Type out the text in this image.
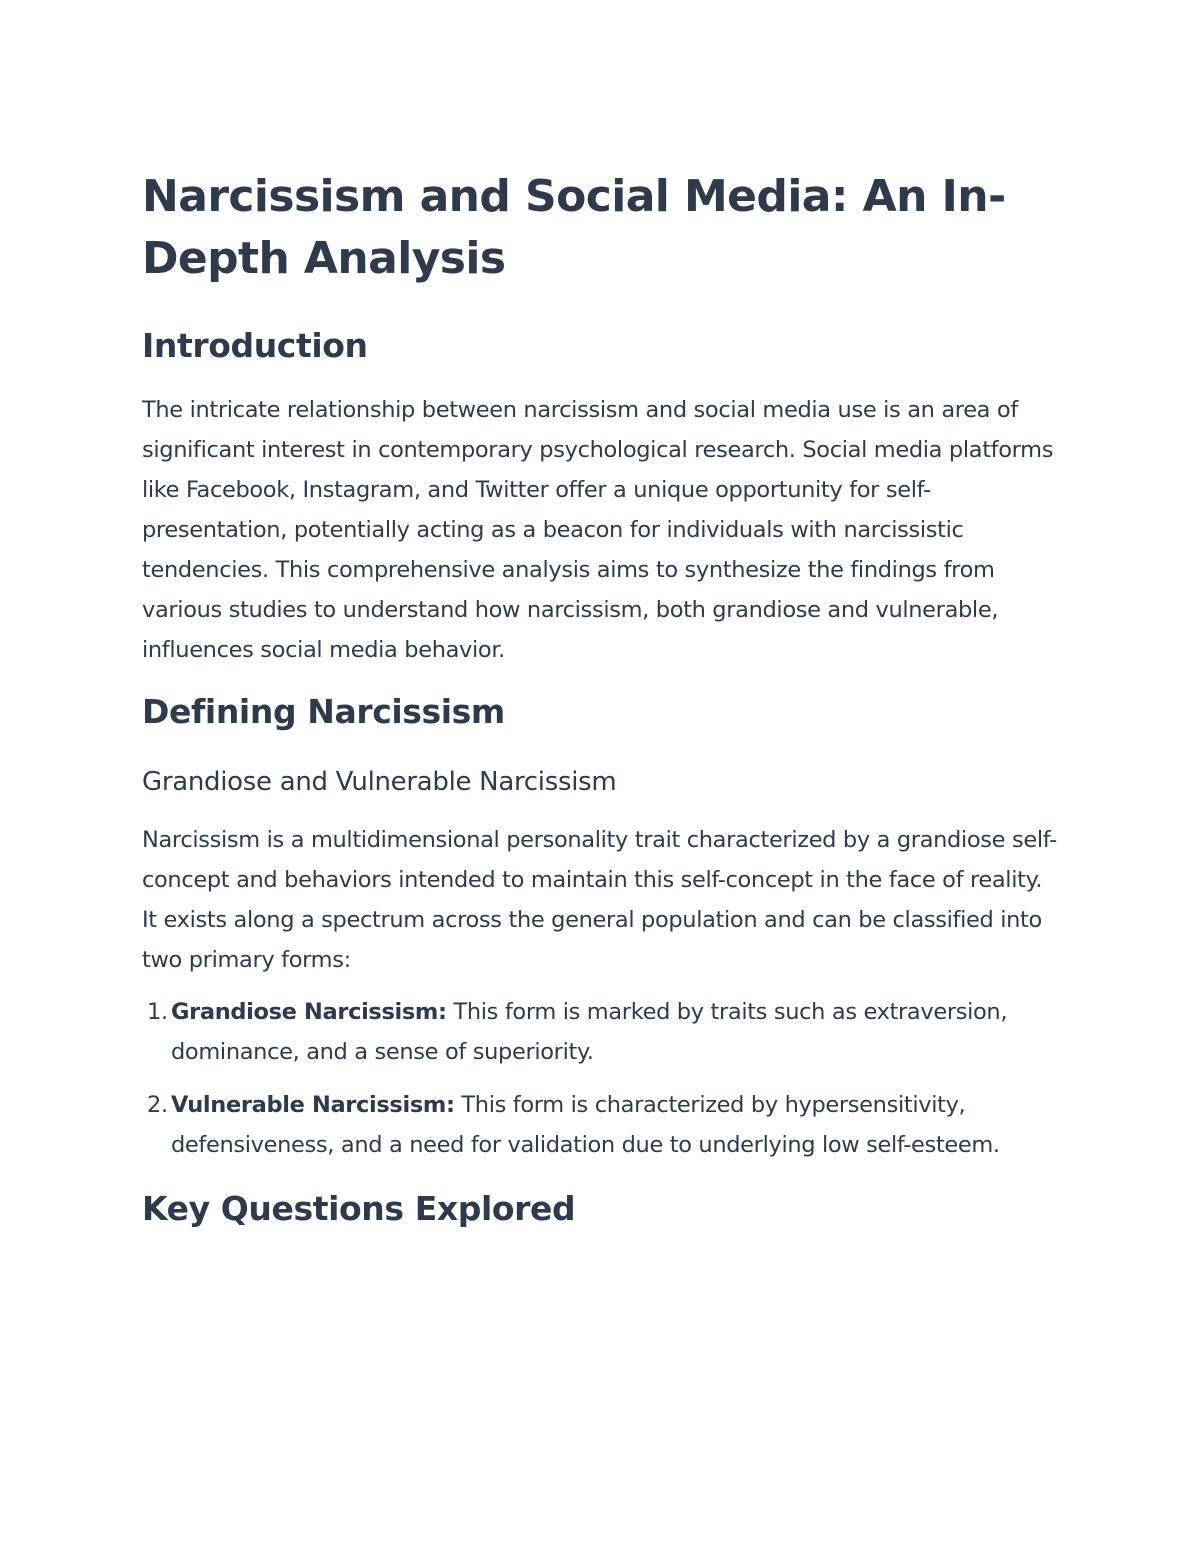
Narcissism and Social Media: An In-Depth Analysis
Introduction

The intricate relationship between narcissism and social media use is an area of significant interest in contemporary psychological research. Social media platforms like Facebook, Instagram, and Twitter offer a unique opportunity for self-presentation, potentially acting as a beacon for individuals with narcissistic tendencies. This comprehensive analysis aims to synthesize the findings from various studies to understand how narcissism, both grandiose and vulnerable, influences social media behavior.

Defining Narcissism
Grandiose and Vulnerable Narcissism

Narcissism is a multidimensional personality trait characterized by a grandiose self-concept and behaviors intended to maintain this self-concept in the face of reality. It exists along a spectrum across the general population and can be classified into two primary forms:

1. Grandiose Narcissism: This form is marked by traits such as extraversion, dominance, and a sense of superiority.
2. Vulnerable Narcissism: This form is characterized by hypersensitivity, defensiveness, and a need for validation due to underlying low self-esteem.
Key Questions Explored
